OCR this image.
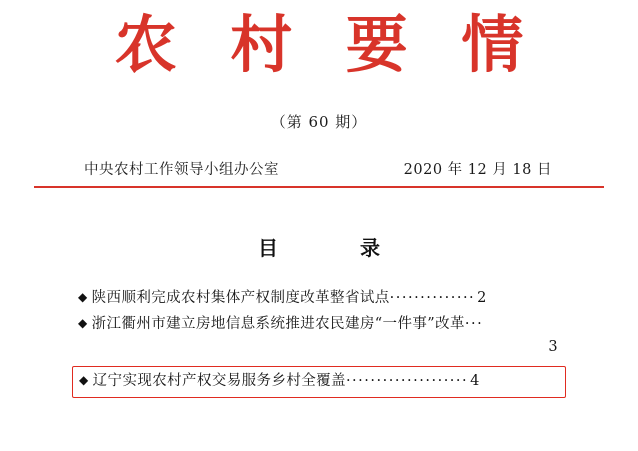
农 村 要 情
（第 60 期）
中央农村工作领导小组办公室	2020 年 12 月 18 日
目　　录
◆ 陕西顺利完成农村集体产权制度改革整省试点·············· 2
◆ 浙江衢州市建立房地信息系统推进农民建房“一件事”改革···
3
◆ 辽宁实现农村产权交易服务乡村全覆盖···················· 4
